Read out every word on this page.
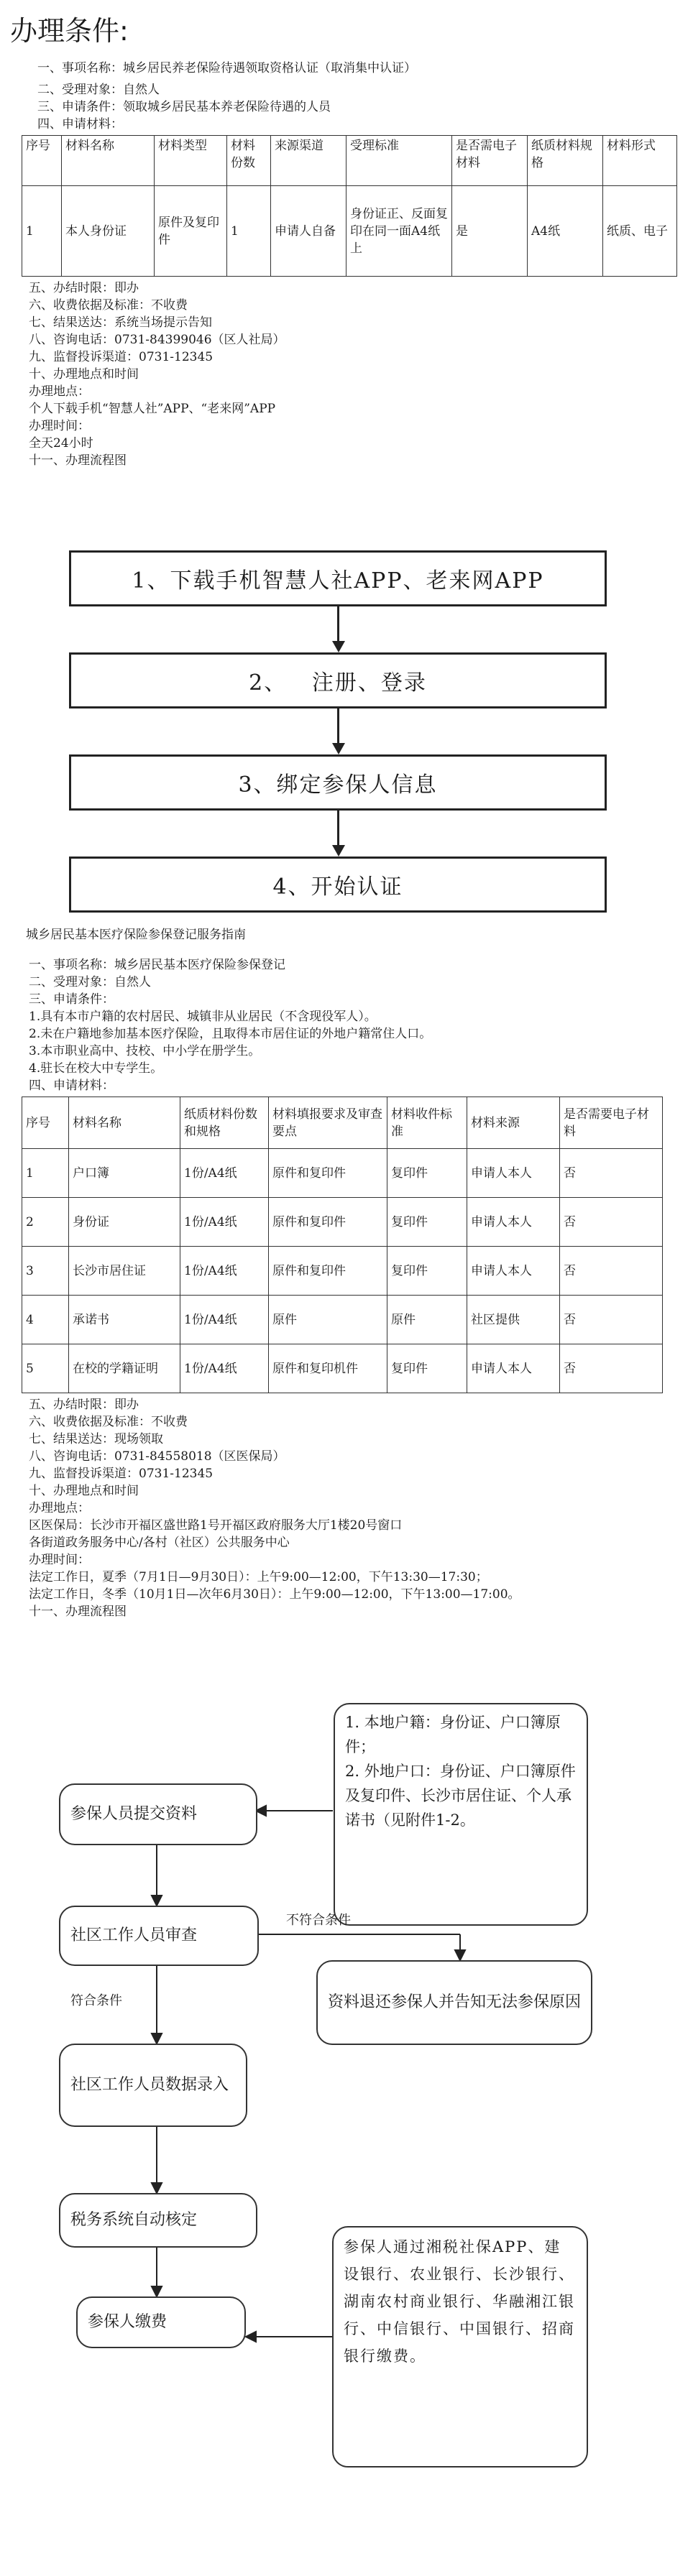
办理条件:
一、事项名称：城乡居民养老保险待遇领取资格认证（取消集中认证）
二、受理对象：自然人
三、申请条件：领取城乡居民基本养老保险待遇的人员
四、申请材料：
序号	材料名称	材料类型	材料份数	来源渠道	受理标准	是否需电子材料	纸质材料规格	材料形式
1	本人身份证	原件及复印件	1	申请人自备	身份证正、反面复印在同一面A4纸上	是	A4纸	纸质、电子
五、办结时限：即办
六、收费依据及标准：不收费
七、结果送达：系统当场提示告知
八、咨询电话：0731-84399046（区人社局）
九、监督投诉渠道：0731-12345
十、办理地点和时间
办理地点：
个人下载手机“智慧人社”APP、“老来网”APP
办理时间：
全天24小时
十一、办理流程图
1、下载手机智慧人社APP、老来网APP
2、   注册、登录
3、绑定参保人信息
4、开始认证
城乡居民基本医疗保险参保登记服务指南
一、事项名称：城乡居民基本医疗保险参保登记
二、受理对象：自然人
三、申请条件：
1.具有本市户籍的农村居民、城镇非从业居民（不含现役军人）。
2.未在户籍地参加基本医疗保险，且取得本市居住证的外地户籍常住人口。
3.本市职业高中、技校、中小学在册学生。
4.驻长在校大中专学生。
四、申请材料：
序号	材料名称	纸质材料份数和规格	材料填报要求及审查要点	材料收件标准	材料来源	是否需要电子材料
1	户口簿	1份/A4纸	原件和复印件	复印件	申请人本人	否
2	身份证	1份/A4纸	原件和复印件	复印件	申请人本人	否
3	长沙市居住证	1份/A4纸	原件和复印件	复印件	申请人本人	否
4	承诺书	1份/A4纸	原件	原件	社区提供	否
5	在校的学籍证明	1份/A4纸	原件和复印机件	复印件	申请人本人	否
五、办结时限：即办
六、收费依据及标准：不收费
七、结果送达：现场领取
八、咨询电话：0731-84558018（区医保局）
九、监督投诉渠道：0731-12345
十、办理地点和时间
办理地点：
区医保局：长沙市开福区盛世路1号开福区政府服务大厅1楼20号窗口
各街道政务服务中心/各村（社区）公共服务中心
办理时间：
法定工作日，夏季（7月1日—9月30日）：上午9:00—12:00，下午13:30—17:30；
法定工作日，冬季（10月1日—次年6月30日）：上午9:00—12:00，下午13:00—17:00。
十一、办理流程图
1. 本地户籍：身份证、户口簿原件；
2. 外地户口：身份证、户口簿原件及复印件、长沙市居住证、个人承诺书（见附件1-2。
参保人员提交资料
社区工作人员审查
不符合条件
资料退还参保人并告知无法参保原因
符合条件
社区工作人员数据录入
税务系统自动核定
参保人缴费
参保人通过湘税社保APP、建设银行、农业银行、长沙银行、湖南农村商业银行、华融湘江银行、中信银行、中国银行、招商银行缴费。
